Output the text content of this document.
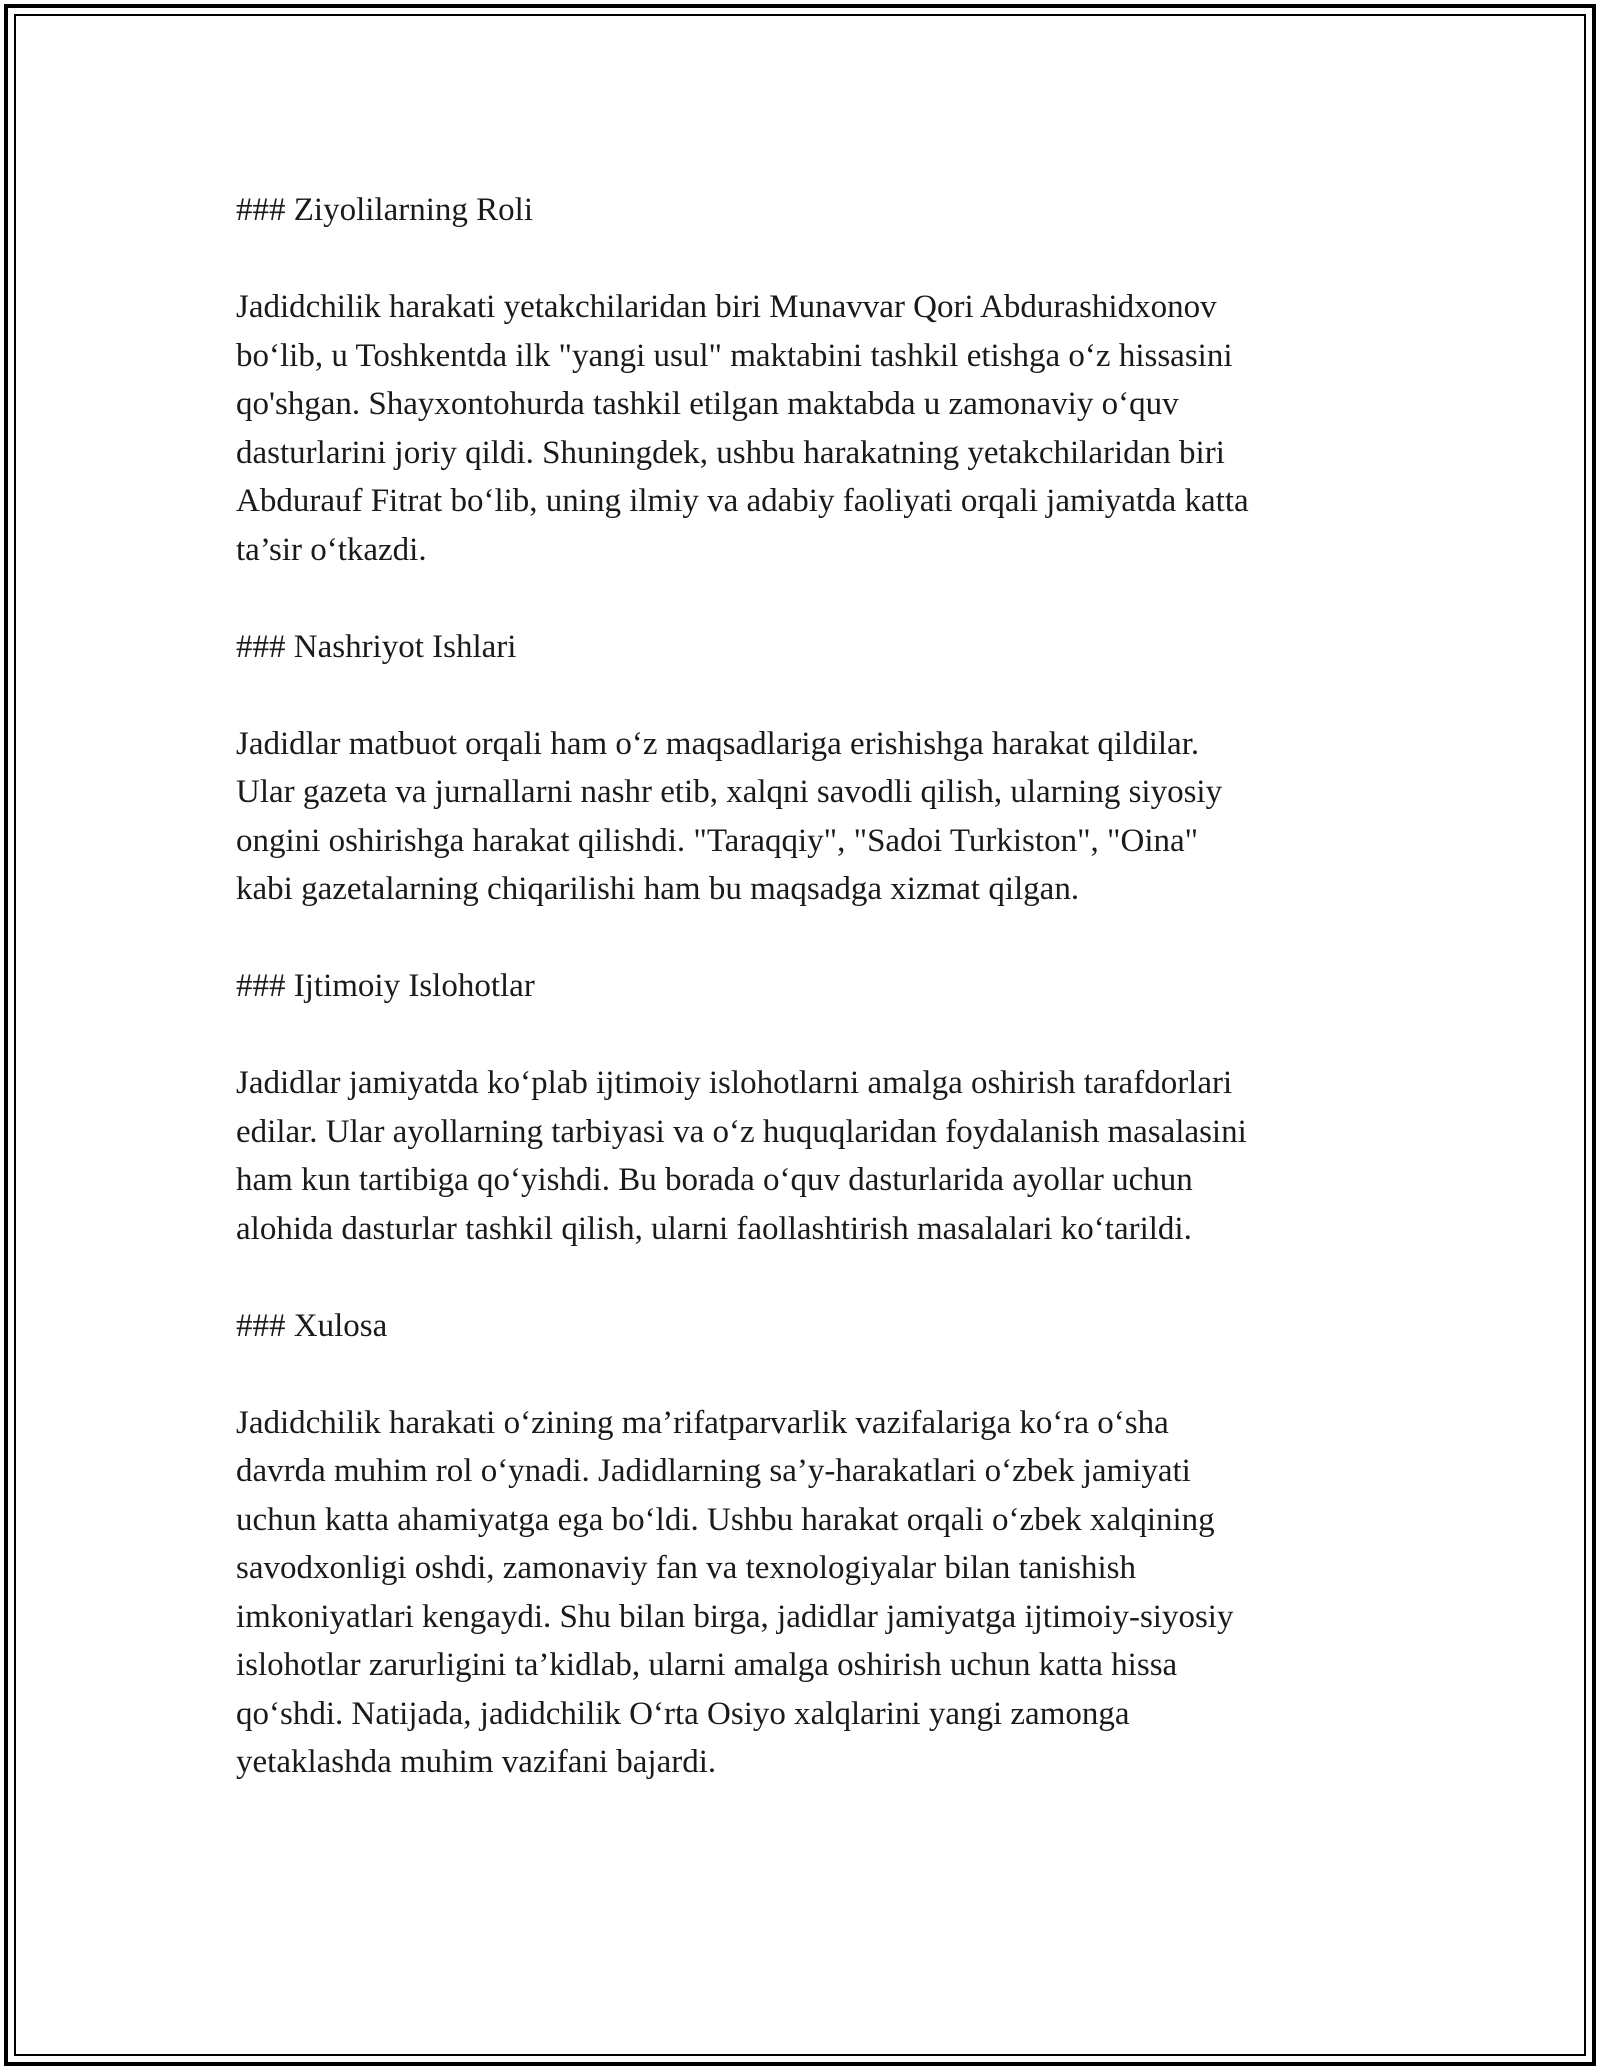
### Ziyolilarning Roli
Jadidchilik harakati yetakchilaridan biri Munavvar Qori Abdurashidxonov
bo‘lib, u Toshkentda ilk "yangi usul" maktabini tashkil etishga o‘z hissasini
qo'shgan. Shayxontohurda tashkil etilgan maktabda u zamonaviy o‘quv
dasturlarini joriy qildi. Shuningdek, ushbu harakatning yetakchilaridan biri
Abdurauf Fitrat bo‘lib, uning ilmiy va adabiy faoliyati orqali jamiyatda katta
ta’sir o‘tkazdi.
### Nashriyot Ishlari
Jadidlar matbuot orqali ham o‘z maqsadlariga erishishga harakat qildilar.
Ular gazeta va jurnallarni nashr etib, xalqni savodli qilish, ularning siyosiy
ongini oshirishga harakat qilishdi. "Taraqqiy", "Sadoi Turkiston", "Oina"
kabi gazetalarning chiqarilishi ham bu maqsadga xizmat qilgan.
### Ijtimoiy Islohotlar
Jadidlar jamiyatda ko‘plab ijtimoiy islohotlarni amalga oshirish tarafdorlari
edilar. Ular ayollarning tarbiyasi va o‘z huquqlaridan foydalanish masalasini
ham kun tartibiga qo‘yishdi. Bu borada o‘quv dasturlarida ayollar uchun
alohida dasturlar tashkil qilish, ularni faollashtirish masalalari ko‘tarildi.
### Xulosa
Jadidchilik harakati o‘zining ma’rifatparvarlik vazifalariga ko‘ra o‘sha
davrda muhim rol o‘ynadi. Jadidlarning sa’y-harakatlari o‘zbek jamiyati
uchun katta ahamiyatga ega bo‘ldi. Ushbu harakat orqali o‘zbek xalqining
savodxonligi oshdi, zamonaviy fan va texnologiyalar bilan tanishish
imkoniyatlari kengaydi. Shu bilan birga, jadidlar jamiyatga ijtimoiy-siyosiy
islohotlar zarurligini ta’kidlab, ularni amalga oshirish uchun katta hissa
qo‘shdi. Natijada, jadidchilik O‘rta Osiyo xalqlarini yangi zamonga
yetaklashda muhim vazifani bajardi.
